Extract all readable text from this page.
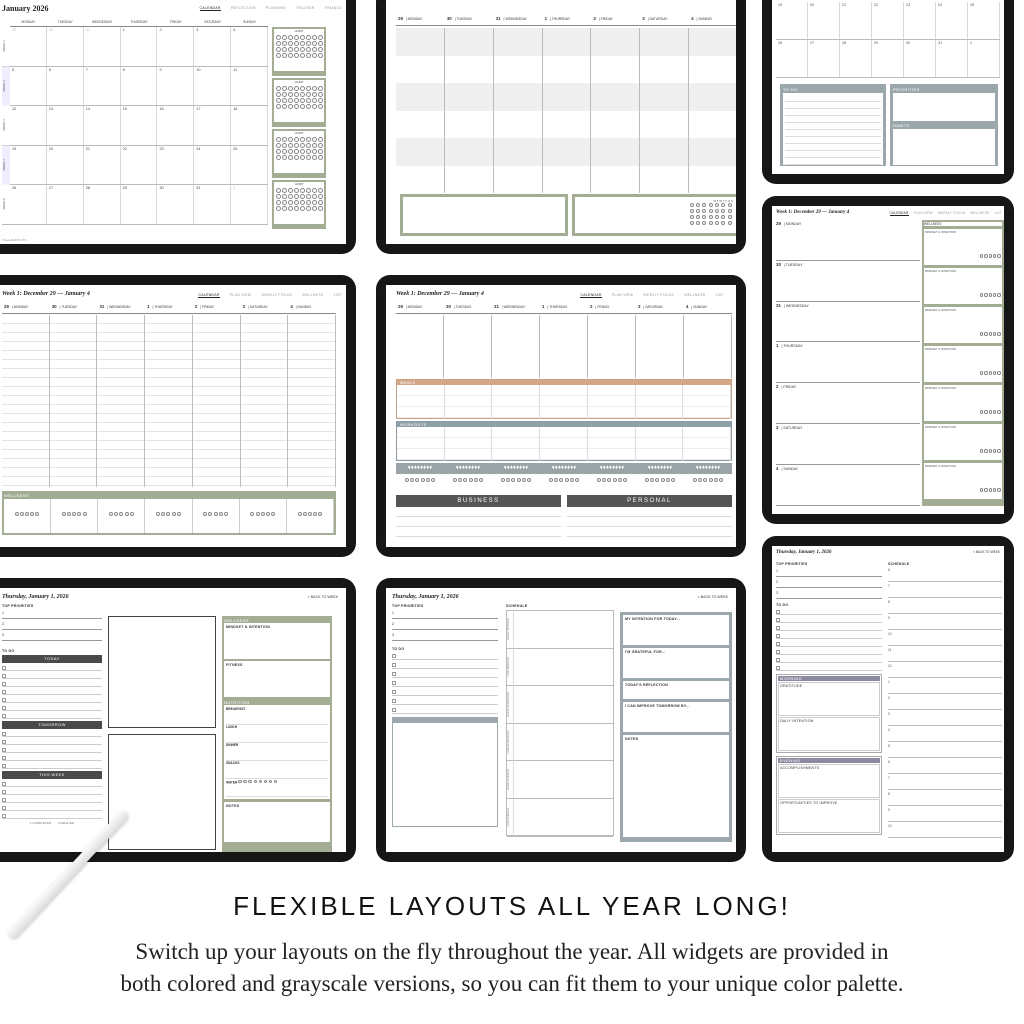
January 2026	CALENDAR	REFLECTION	PLANNING	TRACKER	FINANCE
MONDAY	TUESDAY	WEDNESDAY	THURSDAY	FRIDAY	SATURDAY	SUNDAY
WEEK 1
29	30	31	1	2	3	4
WEEK 2
5	6	7	8	9	10	11
WEEK 3
12	13	14	15	16	17	18
WEEK 4
19	20	21	22	23	24	25
WEEK 5
26	27	28	29	30	31	1
HABIT
HABIT
HABIT
HABIT
©beautifulFRUITS
29 | MONDAY	30 | TUESDAY	31 | WEDNESDAY	1 | THURSDAY	2 | FRIDAY	3 | SATURDAY	4 | SUNDAY
M T W T F S S
19	20	21	22	23	24	25
26	27	28	29	30	31	1
TO DO	PRIORITIES
HABITS
Week 1: December 29 — January 4	CALENDAR	PLAN VIEW	WEEKLY FOCUS	WELLNESS	LIST
29 | MONDAY	30 | TUESDAY	31 | WEDNESDAY	1 | THURSDAY	2 | FRIDAY	3 | SATURDAY	4 | SUNDAY
WELLNESS
Week 1: December 29 — January 4	CALENDAR	PLAN VIEW	WEEKLY FOCUS	WELLNESS	LIST
29 | MONDAY	30 | TUESDAY	31 | WEDNESDAY	1 | THURSDAY	2 | FRIDAY	3 | SATURDAY	4 | SUNDAY
MEALS
WORKOUTS
♦♦♦♦♦♦♦♦	♦♦♦♦♦♦♦♦	♦♦♦♦♦♦♦♦	♦♦♦♦♦♦♦♦	♦♦♦♦♦♦♦♦	♦♦♦♦♦♦♦♦	♦♦♦♦♦♦♦♦
BUSINESS	PERSONAL
Week 1: December 29 — January 4	CALENDAR PLAN VIEW WEEKLY FOCUS WELLNESS LIST
29 | MONDAY
30 | TUESDAY
31 | WEDNESDAY
1 | THURSDAY
2 | FRIDAY
3 | SATURDAY
4 | SUNDAY
WELLNESS
MINDSET & INTENTION
MINDSET & INTENTION
MINDSET & INTENTION
MINDSET & INTENTION
MINDSET & INTENTION
MINDSET & INTENTION
MINDSET & INTENTION
Thursday, January 1, 2026	< BACK TO WEEK
TOP PRIORITIES
1
2
3
TO DO
TODAY
TOMORROW
THIS WEEK
1 COMPLETED 0 DELETED
WELLNESS
MINDSET & INTENTION
FITNESS
NUTRITION
BREAKFAST
LUNCH
DINNER
SNACKS
WATER
NOTES
Thursday, January 1, 2026	< BACK TO WEEK
TOP PRIORITIES
1
2
3
TO DO
SCHEDULE
EARLY MORNING
LATE MORNING
EARLY AFTERNOON
LATE AFTERNOON
EARLY EVENING
LATE EVENING
MY INTENTION FOR TODAY...
I'M GRATEFUL FOR...
TODAY'S REFLECTION
I CAN IMPROVE TOMORROW BY...
NOTES
Thursday, January 1, 2026	< BACK TO WEEK
TOP PRIORITIES
1
2
3
TO DO
MORNING
GRATITUDE
DAILY INTENTION
EVENING
ACCOMPLISHMENTS
OPPORTUNITIES TO IMPROVE
SCHEDULE
6
7
8
9
10
11
12
1
2
3
4
5
6
7
8
9
10
FLEXIBLE LAYOUTS ALL YEAR LONG!
Switch up your layouts on the fly throughout the year. All widgets are provided in
both colored and grayscale versions, so you can fit them to your unique color palette.
